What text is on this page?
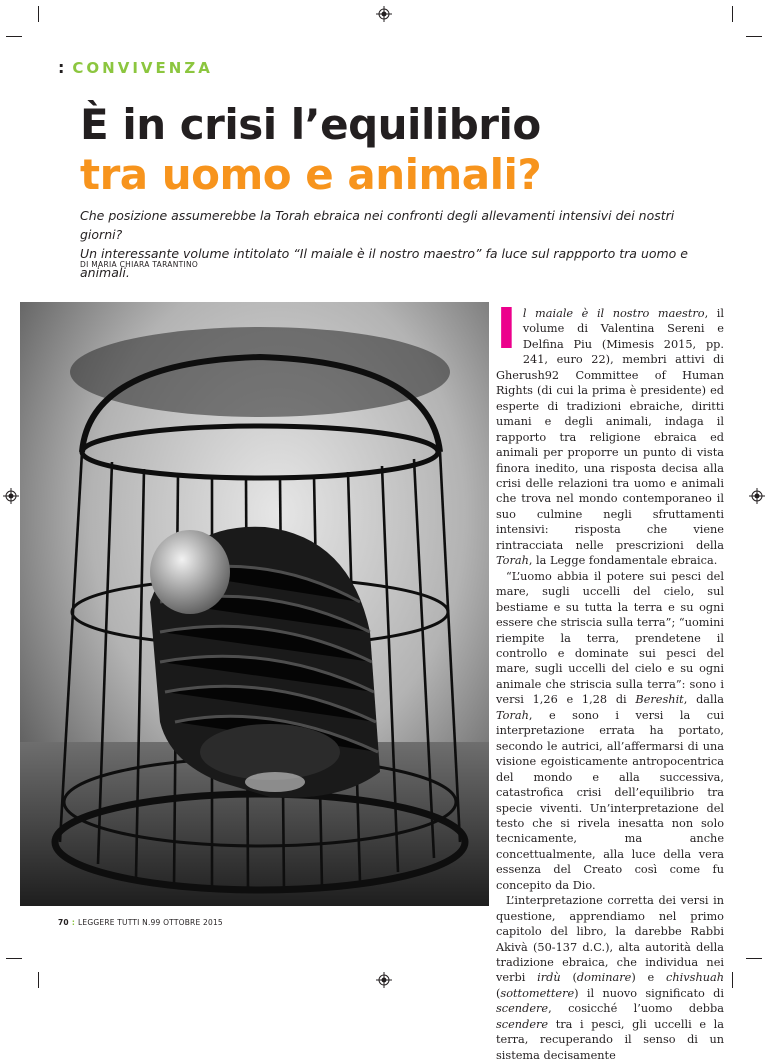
: CONVIVENZA
È in crisi l’equilibrio
tra uomo e animali?
Che posizione assumerebbe la Torah ebraica nei confronti degli allevamenti intensivi dei nostri giorni?
Un interessante volume intitolato “Il maiale è il nostro maestro” fa luce sul rappporto tra uomo e animali.
DI MARIA CHIARA TARANTINO

Il maiale è il nostro maestro, il volume di Valentina Sereni e Delfina Piu (Mimesis 2015, pp. 241, euro 22), membri attivi di Gherush92 Committee of Human Rights (di cui la prima è presidente) ed esperte di tradizioni ebraiche, diritti umani e degli animali, indaga il rapporto tra religione ebraica ed animali per proporre un punto di vista finora inedito, una risposta decisa alla crisi delle relazioni tra uomo e animali che trova nel mondo contemporaneo il suo culmine negli sfruttamenti intensivi: risposta che viene rintracciata nelle prescrizioni della Torah, la Legge fondamentale ebraica.

“L’uomo abbia il potere sui pesci del mare, sugli uccelli del cielo, sul bestiame e su tutta la terra e su ogni essere che striscia sulla terra”; “uomini riempite la terra, prendetene il controllo e dominate sui pesci del mare, sugli uccelli del cielo e su ogni animale che striscia sulla terra”: sono i versi 1,26 e 1,28 di Bereshit, dalla Torah, e sono i versi la cui interpretazione errata ha portato, secondo le autrici, all’affermarsi di una visione egoisticamente antropocentrica del mondo e alla successiva, catastrofica crisi dell’equilibrio tra specie viventi. Un’interpretazione del testo che si rivela inesatta non solo tecnicamente, ma anche concettualmente, alla luce della vera essenza del Creato così come fu concepito da Dio.

L’interpretazione corretta dei versi in questione, apprendiamo nel primo capitolo del libro, la darebbe Rabbi Akivà (50-137 d.C.), alta autorità della tradizione ebraica, che individua nei verbi irdù (dominare) e chivshuah (sottomettere) il nuovo significato di scendere, cosicché l’uomo debba scendere tra i pesci, gli uccelli e la terra, recuperando il senso di un sistema decisamente

70 : LEGGERE TUTTI N.99 OTTOBRE 2015
